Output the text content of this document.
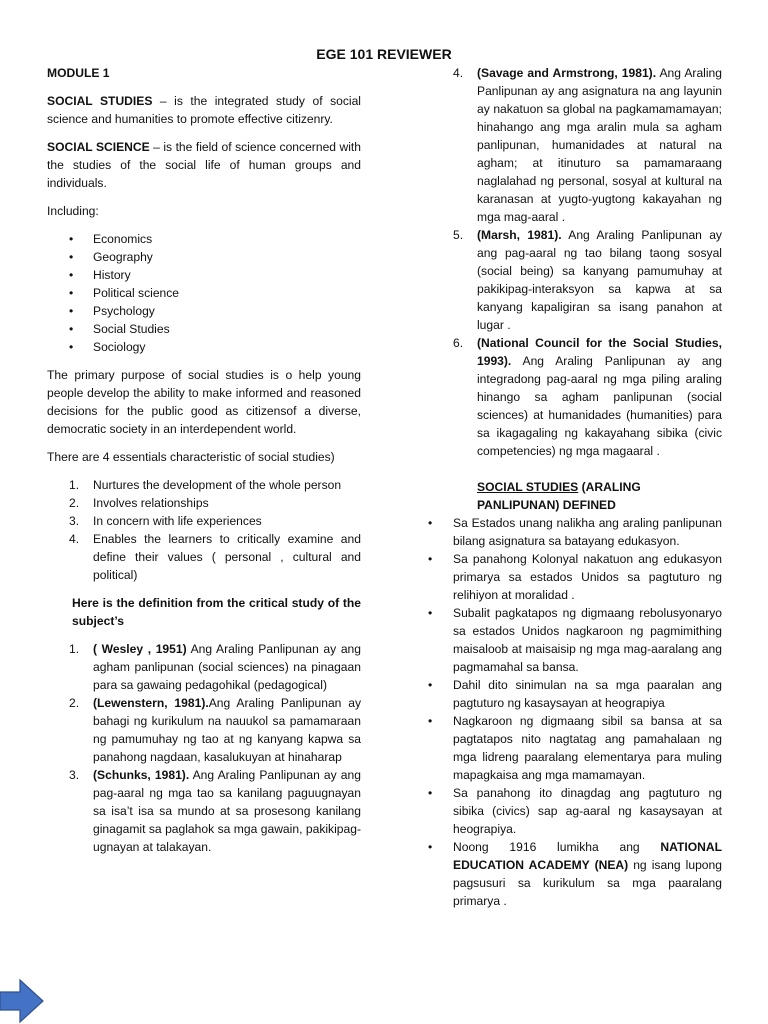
EGE 101 REVIEWER

MODULE 1

SOCIAL STUDIES – is the integrated study of social science and humanities to promote effective citizenry.

SOCIAL SCIENCE – is the field of science concerned with the studies of the social life of human groups and individuals.

Including:

• Economics
• Geography
• History
• Political science
• Psychology
• Social Studies
• Sociology

The primary purpose of social studies is o help young people develop the ability to make informed and reasoned decisions for the public good as citizensof a diverse, democratic society in an interdependent world.

There are 4 essentials characteristic of social studies)

1. Nurtures the development of the whole person
2. Involves relationships
3. In concern with life experiences
4. Enables the learners to critically examine and define their values ( personal , cultural and political)

Here is the definition from the critical study of the subject’s

1. ( Wesley , 1951) Ang Araling Panlipunan ay ang agham panlipunan (social sciences) na pinagaan para sa gawaing pedagohikal (pedagogical)
2. (Lewenstern, 1981).Ang Araling Panlipunan ay bahagi ng kurikulum na nauukol sa pamamaraan ng pamumuhay ng tao at ng kanyang kapwa sa panahong nagdaan, kasalukuyan at hinaharap
3. (Schunks, 1981). Ang Araling Panlipunan ay ang pag-aaral ng mga tao sa kanilang paguugnayan sa isa’t isa sa mundo at sa prosesong kanilang ginagamit sa paglahok sa mga gawain, pakikipag-ugnayan at talakayan.
4. (Savage and Armstrong, 1981). Ang Araling Panlipunan ay ang asignatura na ang layunin ay nakatuon sa global na pagkamamamayan; hinahango ang mga aralin mula sa agham panlipunan, humanidades at natural na agham; at itinuturo sa pamamaraang naglalahad ng personal, sosyal at kultural na karanasan at yugto-yugtong kakayahan ng mga mag-aaral .
5. (Marsh, 1981). Ang Araling Panlipunan ay ang pag-aaral ng tao bilang taong sosyal (social being) sa kanyang pamumuhay at pakikipag-interaksyon sa kapwa at sa kanyang kapaligiran sa isang panahon at lugar .
6. (National Council for the Social Studies, 1993). Ang Araling Panlipunan ay ang integradong pag-aaral ng mga piling araling hinango sa agham panlipunan (social sciences) at humanidades (humanities) para sa ikagagaling ng kakayahang sibika (civic competencies) ng mga magaaral .

SOCIAL STUDIES (ARALING PANLIPUNAN) DEFINED

• Sa Estados unang nalikha ang araling panlipunan bilang asignatura sa batayang edukasyon.
• Sa panahong Kolonyal nakatuon ang edukasyon primarya sa estados Unidos sa pagtuturo ng relihiyon at moralidad .
• Subalit pagkatapos ng digmaang rebolusyonaryo sa estados Unidos nagkaroon ng pagmimithing maisaloob at maisaisip ng mga mag-aaralang ang pagmamahal sa bansa.
• Dahil dito sinimulan na sa mga paaralan ang pagtuturo ng kasaysayan at heograpiya
• Nagkaroon ng digmaang sibil sa bansa at sa pagtatapos nito nagtatag ang pamahalaan ng mga lidreng paaralang elementarya para muling mapagkaisa ang mga mamamayan.
• Sa panahong ito dinagdag ang pagtuturo ng sibika (civics) sap ag-aaral ng kasaysayan at heograpiya.
• Noong 1916 lumikha ang NATIONAL EDUCATION ACADEMY (NEA) ng isang lupong pagsusuri sa kurikulum sa mga paaralang primarya .
